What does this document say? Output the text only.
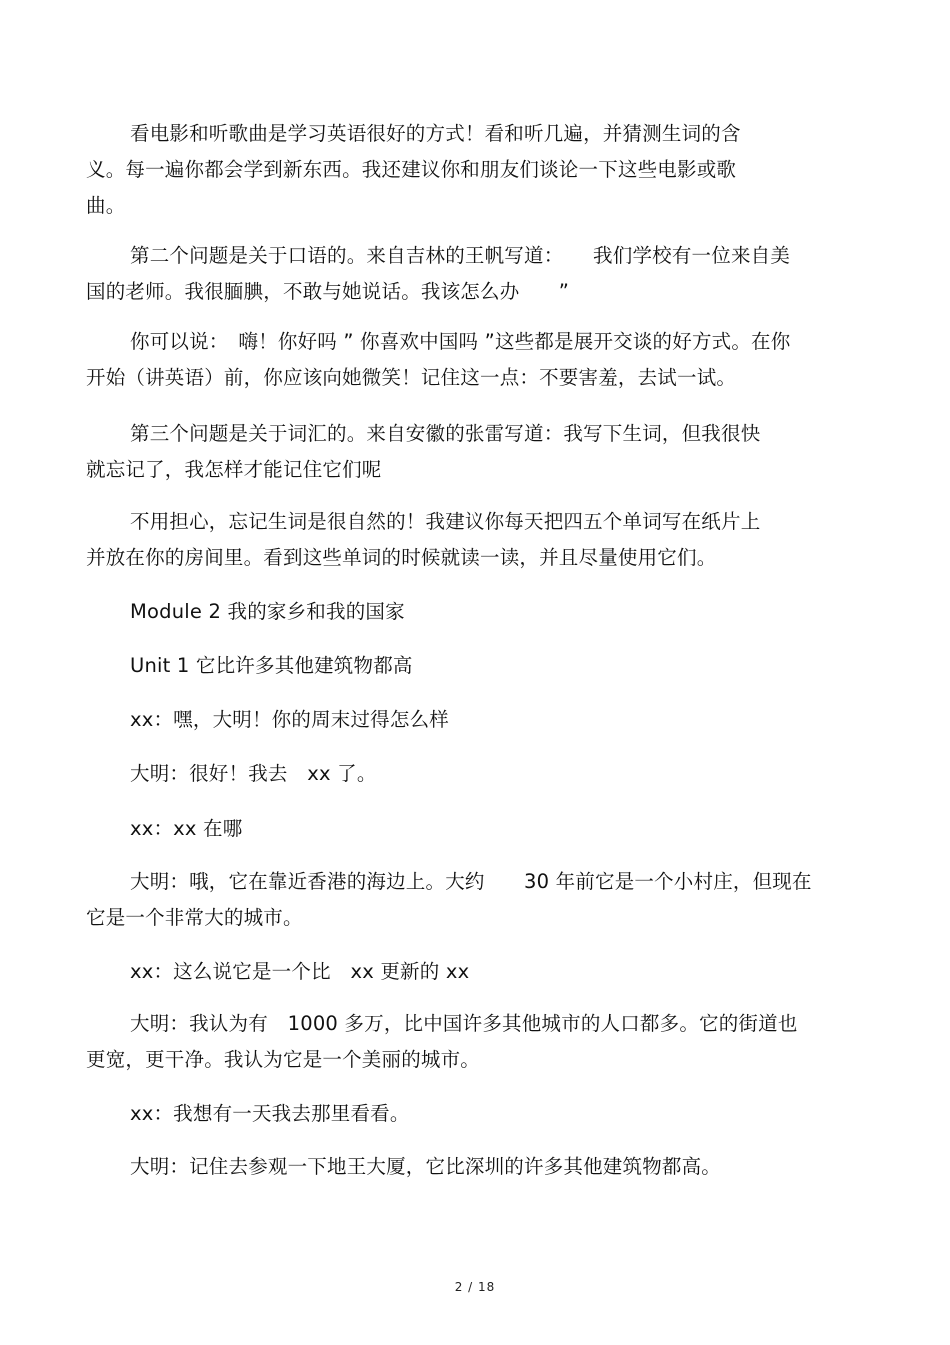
看电影和听歌曲是学习英语很好的方式！看和听几遍，并猜测生词的含
义。每一遍你都会学到新东西。我还建议你和朋友们谈论一下这些电影或歌
曲。
第二个问题是关于口语的。来自吉林的王帆写道：　　我们学校有一位来自美
国的老师。我很腼腆，不敢与她说话。我该怎么办　　”
你可以说：　嗨！你好吗 ” 你喜欢中国吗 ”这些都是展开交谈的好方式。在你
开始（讲英语）前，你应该向她微笑！记住这一点：不要害羞，去试一试。
第三个问题是关于词汇的。来自安徽的张雷写道：我写下生词，但我很快
就忘记了，我怎样才能记住它们呢
不用担心，忘记生词是很自然的！我建议你每天把四五个单词写在纸片上
并放在你的房间里。看到这些单词的时候就读一读，并且尽量使用它们。
Module 2 我的家乡和我的国家
Unit 1 它比许多其他建筑物都高
xx：嘿，大明！你的周末过得怎么样
大明：很好！我去　xx 了。
xx：xx 在哪
大明：哦，它在靠近香港的海边上。大约　　30 年前它是一个小村庄，但现在
它是一个非常大的城市。
xx：这么说它是一个比　xx 更新的 xx
大明：我认为有　1000 多万，比中国许多其他城市的人口都多。它的街道也
更宽，更干净。我认为它是一个美丽的城市。
xx：我想有一天我去那里看看。
大明：记住去参观一下地王大厦，它比深圳的许多其他建筑物都高。
2 / 18
